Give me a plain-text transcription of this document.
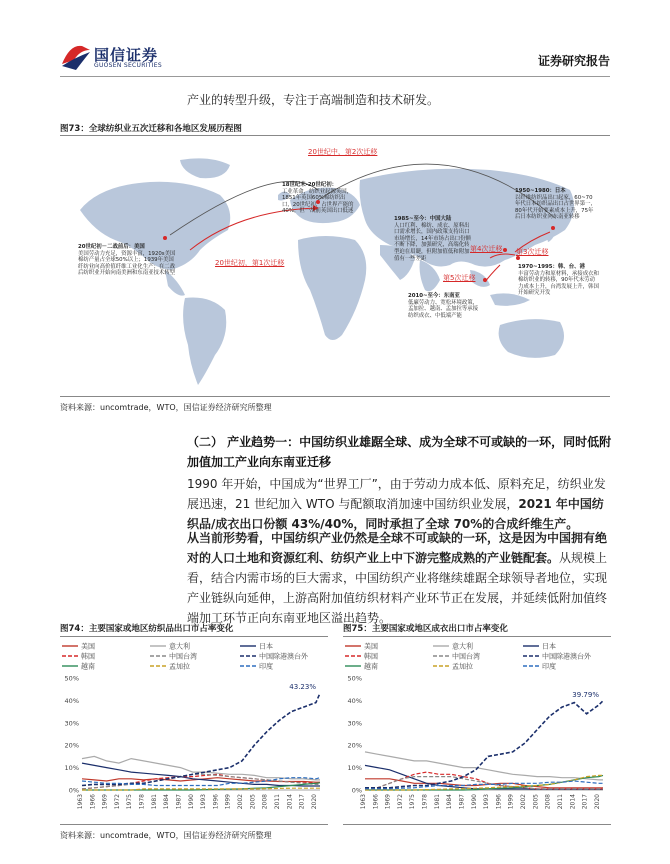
国信证券
GUOSEN SECURITIES	证券研究报告
产业的转型升级，专注于高端制造和技术研发。
图73：全球纺织业五次迁移和各地区发展历程图
20世纪中，第2次迁移
20世纪初，第1次迁移
第3次迁移
第4次迁移
第5次迁移
18世纪末-20世纪初：
工业革命，纺织业起源英国，1851年英国60%棉纺织出口，20世纪初，占世界产能的40%，但一战前英国出口低迷
20世纪初－二战前后：美国
美国劳动力充足，资源丰富，1920s美国棉纺产量占全球50%以上；1939年美国纤纺业向高价值纤维工业化生产；在二战后纺织业开始向南美洲和东南亚技术转型
1950~1980：日本
以纤维纺织品出口起家，60~70年代日本纺织品出口占世界第一，80年代开始要素成本上升，75年后日本纺织业向东南亚转移
1985~至今：中国大陆
人口红利、棉纺、成衣、原料出口需求增长，国内政策支持出口市场增长，14年市场占出口份额不断下降，加强研究，高端化转型迫在眉睫，但附加值低和附加值有一些差距
1970~1995：韩、台、港
丰富劳动力和原材料，承接成衣和棉纺织业的转移，90年代末劳动力成本上升，台湾发展上升，韩国开始研究开发
2010~至今：东南亚
低廉劳动力、宽松环境政策，孟加拉、越南、孟加拉等承接纺织成衣、中低端产能
资料来源：uncomtrade，WTO，国信证券经济研究所整理
（二） 产业趋势一：中国纺织业雄踞全球、成为全球不可或缺的一环，同时低附加值加工产业向东南亚迁移
1990 年开始，中国成为“世界工厂”，由于劳动力成本低、原料充足，纺织业发展迅速，21 世纪加入 WTO 与配额取消加速中国纺织业发展，2021 年中国纺织品/成衣出口份额 43%/40%，同时承担了全球 70%的合成纤维生产。
从当前形势看，中国纺织产业仍然是全球不可或缺的一环，这是因为中国拥有绝对的人口土地和资源红利、纺织产业上中下游完整成熟的产业链配套。从规模上看，结合内需市场的巨大需求，中国纺织产业将继续雄踞全球领导者地位，实现产业链纵向延伸，上游高附加值纺织材料产业环节正在发展，并延续低附加值终端加工环节正向东南亚地区溢出趋势。
图74：主要国家或地区纺织品出口市占率变化
美国	意大利	日本
韩国	中国台湾	中国除港澳台外
越南	孟加拉	印度
0%
10%
20%
30%
40%
50%
1963 1966 1969 1972 1975 1978 1981 1984 1987 1990 1993 1996 1999 2002 2005 2008 2011 2014 2017 2020
43.23%
资料来源：uncomtrade，WTO，国信证券经济研究所整理
图75：主要国家或地区成衣出口市占率变化
美国	意大利	日本
韩国	中国台湾	中国除港澳台外
越南	孟加拉	印度
0%
10%
20%
30%
40%
50%
1963 1966 1969 1972 1975 1978 1981 1984 1987 1990 1993 1996 1999 2002 2005 2008 2011 2014 2017 2020
39.79%
